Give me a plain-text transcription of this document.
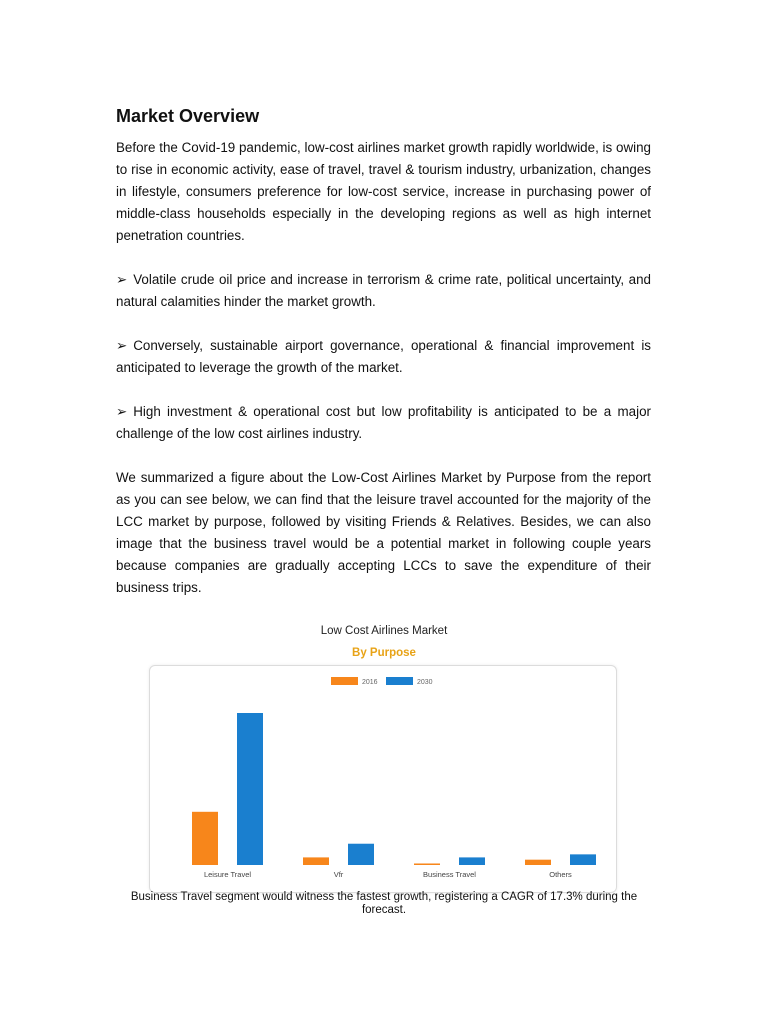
Market Overview

Before the Covid-19 pandemic, low-cost airlines market growth rapidly worldwide, is owing to rise in economic activity, ease of travel, travel & tourism industry, urbanization, changes in lifestyle, consumers preference for low-cost service, increase in purchasing power of middle-class households especially in the developing regions as well as high internet penetration countries.

➢ Volatile crude oil price and increase in terrorism & crime rate, political uncertainty, and natural calamities hinder the market growth.

➢ Conversely, sustainable airport governance, operational & financial improvement is anticipated to leverage the growth of the market.

➢ High investment & operational cost but low profitability is anticipated to be a major challenge of the low cost airlines industry.

We summarized a figure about the Low-Cost Airlines Market by Purpose from the report as you can see below, we can find that the leisure travel accounted for the majority of the LCC market by purpose, followed by visiting Friends & Relatives. Besides, we can also image that the business travel would be a potential market in following couple years because companies are gradually accepting LCCs to save the expenditure of their business trips.

Low Cost Airlines Market
By Purpose
2016	2030
Leisure Travel	Vfr	Business Travel	Others
Business Travel segment would witness the fastest growth, registering a CAGR of 17.3% during the forecast.
